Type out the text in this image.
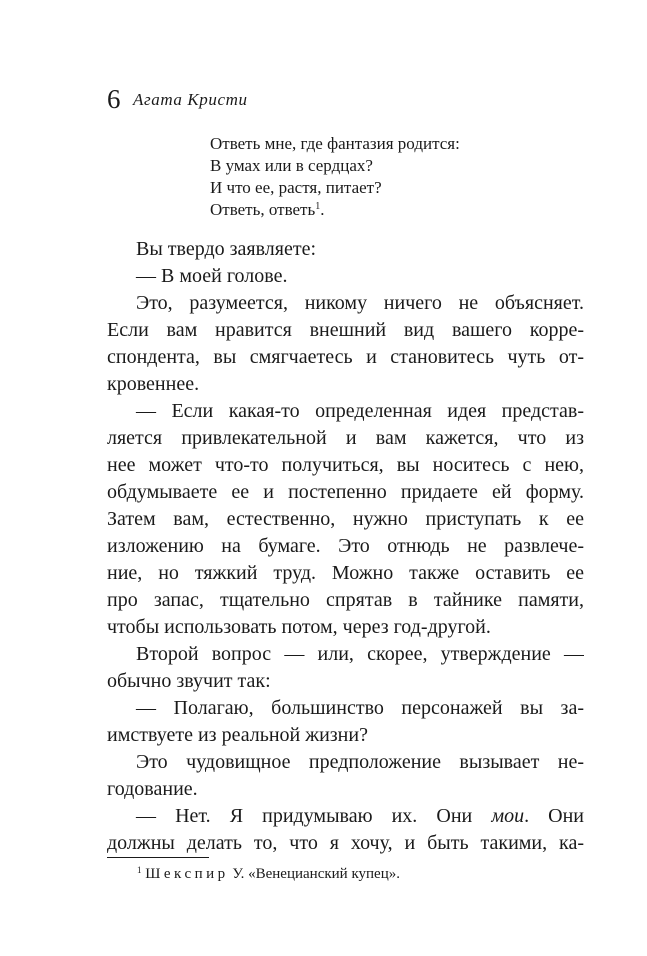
6 Агата Кристи
Ответь мне, где фантазия родится:
В умах или в сердцах?
И что ее, растя, питает?
Ответь, ответь$^1$.
Вы твердо заявляете:
— В моей голове.
Это, разумеется, никому ничего не объясняет.
Если вам нравится внешний вид вашего корре-
спондента, вы смягчаетесь и становитесь чуть от-
кровеннее.
— Если какая-то определенная идея представ-
ляется привлекательной и вам кажется, что из
нее может что-то получиться, вы носитесь с нею,
обдумываете ее и постепенно придаете ей форму.
Затем вам, естественно, нужно приступать к ее
изложению на бумаге. Это отнюдь не развлече-
ние, но тяжкий труд. Можно также оставить ее
про запас, тщательно спрятав в тайнике памяти,
чтобы использовать потом, через год-другой.
Второй вопрос — или, скорее, утверждение —
обычно звучит так:
— Полагаю, большинство персонажей вы за-
имствуете из реальной жизни?
Это чудовищное предположение вызывает не-
годование.
— Нет. Я придумываю их. Они мои. Они
должны делать то, что я хочу, и быть такими, ка-
$^1$ Шекспир У. «Венецианский купец».
